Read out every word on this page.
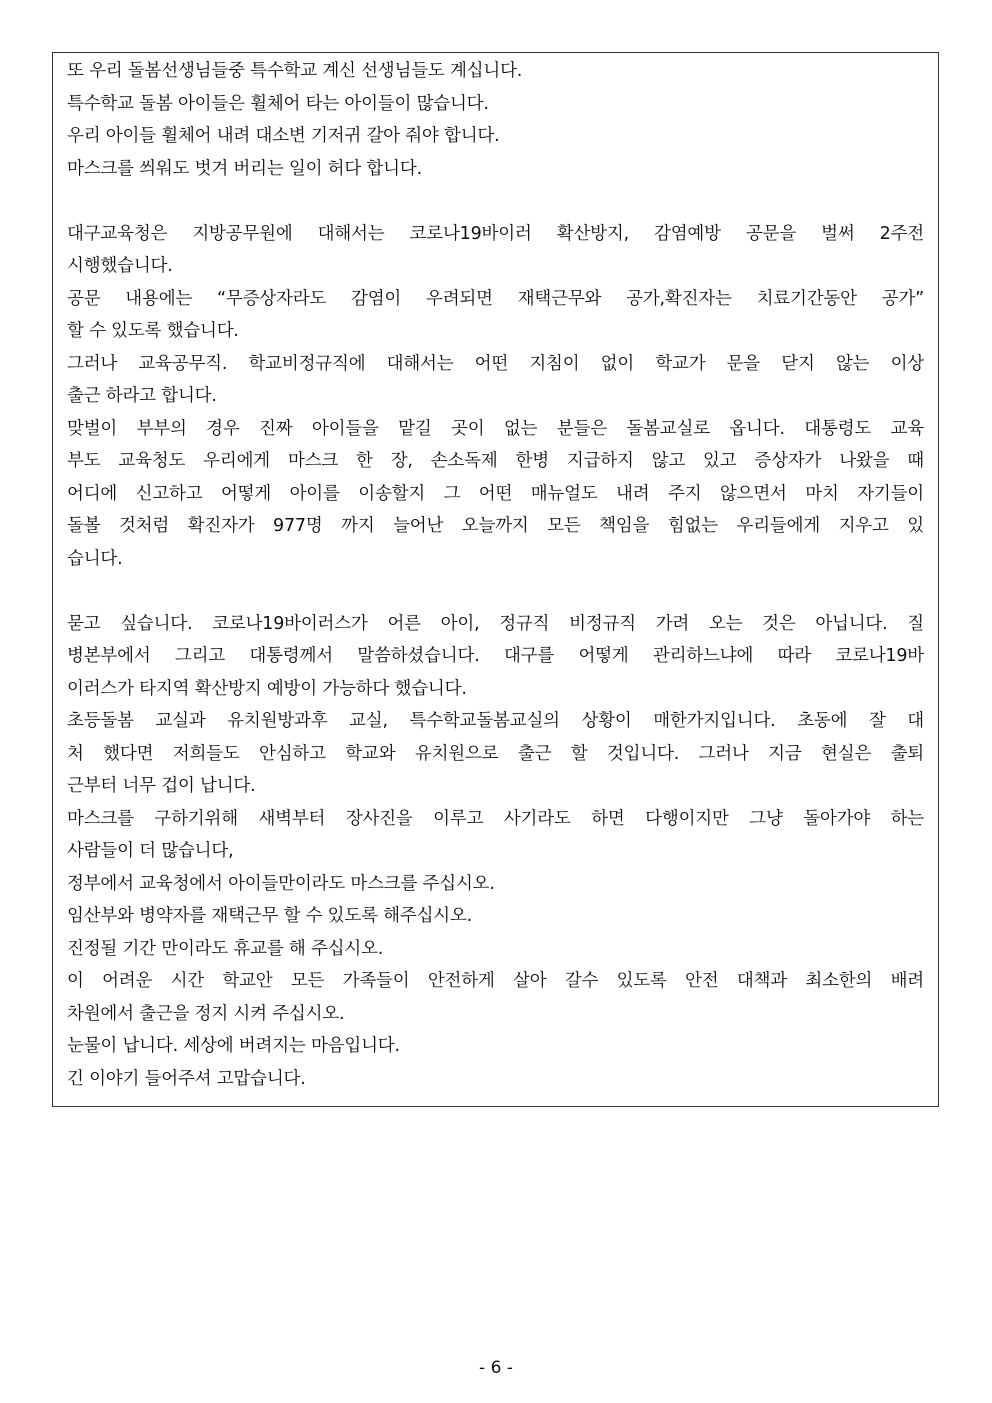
또 우리 돌봄선생님들중 특수학교 계신 선생님들도 계십니다.
특수학교 돌봄 아이들은 휠체어 타는 아이들이 많습니다.
우리 아이들 휠체어 내려 대소변 기저귀 갈아 줘야 합니다.
마스크를 씌워도 벗겨 버리는 일이 허다 합니다.
대구교육청은 지방공무원에 대해서는 코로나19바이러 확산방지, 감염예방 공문을 벌써 2주전
시행했습니다.
공문 내용에는 “무증상자라도 감염이 우려되면 재택근무와 공가,확진자는 치료기간동안 공가”
할 수 있도록 했습니다.
그러나 교육공무직. 학교비정규직에 대해서는 어떤 지침이 없이 학교가 문을 닫지 않는 이상
출근 하라고 합니다.
맞벌이 부부의 경우 진짜 아이들을 맡길 곳이 없는 분들은 돌봄교실로 옵니다. 대통령도 교육
부도 교육청도 우리에게 마스크 한 장, 손소독제 한병 지급하지 않고 있고 증상자가 나왔을 때
어디에 신고하고 어떻게 아이를 이송할지 그 어떤 매뉴얼도 내려 주지 않으면서 마치 자기들이
돌볼 것처럼 확진자가 977명 까지 늘어난 오늘까지 모든 책임을 힘없는 우리들에게 지우고 있
습니다.
묻고 싶습니다. 코로나19바이러스가 어른 아이, 정규직 비정규직 가려 오는 것은 아닙니다. 질
병본부에서 그리고 대통령께서 말씀하셨습니다. 대구를 어떻게 관리하느냐에 따라 코로나19바
이러스가 타지역 확산방지 예방이 가능하다 했습니다.
초등돌봄 교실과 유치원방과후 교실, 특수학교돌봄교실의 상황이 매한가지입니다. 초동에 잘 대
처 했다면 저희들도 안심하고 학교와 유치원으로 출근 할 것입니다. 그러나 지금 현실은 출퇴
근부터 너무 겁이 납니다.
마스크를 구하기위해 새벽부터 장사진을 이루고 사기라도 하면 다행이지만 그냥 돌아가야 하는
사람들이 더 많습니다,
정부에서 교육청에서 아이들만이라도 마스크를 주십시오.
임산부와 병약자를 재택근무 할 수 있도록 해주십시오.
진정될 기간 만이라도 휴교를 해 주십시오.
이 어려운 시간 학교안 모든 가족들이 안전하게 살아 갈수 있도록 안전 대책과 최소한의 배려
차원에서 출근을 정지 시켜 주십시오.
눈물이 납니다. 세상에 버려지는 마음입니다.
긴 이야기 들어주셔 고맙습니다.
- 6 -
